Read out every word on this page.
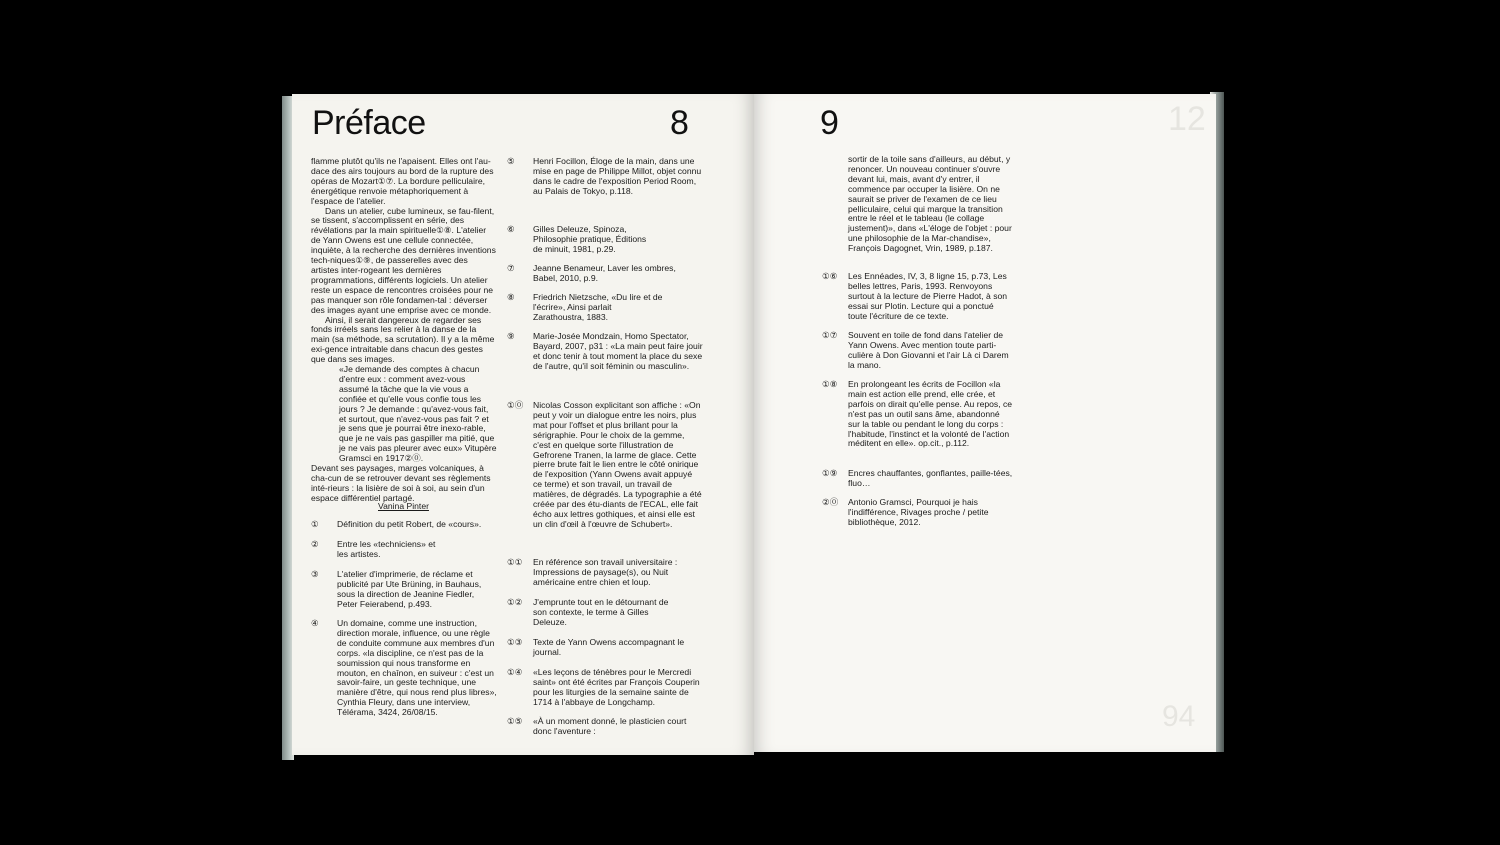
12
94
Préface	8	9

flamme plutôt qu'ils ne l'apaisent. Elles ont l'au-dace des airs toujours au bord de la rupture des opéras de Mozart①⑦. La bordure pelliculaire, énergétique renvoie métaphoriquement à l'espace de l'atelier.

Dans un atelier, cube lumineux, se fau-filent, se tissent, s'accomplissent en série, des révélations par la main spirituelle①⑧. L'atelier de Yann Owens est une cellule connectée, inquiète, à la recherche des dernières inventions tech-niques①⑨, de passerelles avec des artistes inter-rogeant les dernières programmations, différents logiciels. Un atelier reste un espace de rencontres croisées pour ne pas manquer son rôle fondamen-tal : déverser des images ayant une emprise avec ce monde.

Ainsi, il serait dangereux de regarder ses fonds irréels sans les relier à la danse de la main (sa méthode, sa scrutation). Il y a la même exi-gence intraitable dans chacun des gestes que dans ses images.

«Je demande des comptes à chacun d'entre eux : comment avez-vous assumé la tâche que la vie vous a confiée et qu'elle vous confie tous les jours ? Je demande : qu'avez-vous fait, et surtout, que n'avez-vous pas fait ? et je sens que je pourrai être inexo-rable, que je ne vais pas gaspiller ma pitié, que je ne vais pas pleurer avec eux» Vitupère Gramsci en 1917②⓪.

Devant ses paysages, marges volcaniques, à cha-cun de se retrouver devant ses règlements inté-rieurs : la lisière de soi à soi, au sein d'un espace différentiel partagé.

Vanina Pinter
①	Définition du petit Robert, de «cours».
②	Entre les «techniciens» et les artistes.
③	L'atelier d'imprimerie, de réclame et publicité par Ute Brüning, in Bauhaus, sous la direction de Jeanine Fiedler, Peter Feierabend, p.493.
④	Un domaine, comme une instruction, direction morale, influence, ou une règle de conduite commune aux membres d'un corps. «la discipline, ce n'est pas de la soumission qui nous transforme en mouton, en chaînon, en suiveur : c'est un savoir-faire, un geste technique, une manière d'être, qui nous rend plus libres», Cynthia Fleury, dans une interview, Télérama, 3424, 26/08/15.
⑤	Henri Focillon, Éloge de la main, dans une mise en page de Philippe Millot, objet connu dans le cadre de l'exposition Period Room, au Palais de Tokyo, p.118.
⑥	Gilles Deleuze, Spinoza, Philosophie pratique, Éditions de minuit, 1981, p.29.
⑦	Jeanne Benameur, Laver les ombres, Babel, 2010, p.9.
⑧	Friedrich Nietzsche, «Du lire et de l'écrire», Ainsi parlait Zarathoustra, 1883.
⑨	Marie-Josée Mondzain, Homo Spectator, Bayard, 2007, p31 : «La main peut faire jouir et donc tenir à tout moment la place du sexe de l'autre, qu'il soit féminin ou masculin».
①⓪	Nicolas Cosson explicitant son affiche : «On peut y voir un dialogue entre les noirs, plus mat pour l'offset et plus brillant pour la sérigraphie. Pour le choix de la gemme, c'est en quelque sorte l'illustration de Gefrorene Tranen, la larme de glace. Cette pierre brute fait le lien entre le côté onirique de l'exposition (Yann Owens avait appuyé ce terme) et son travail, un travail de matières, de dégradés. La typographie a été créée par des étu-diants de l'ECAL, elle fait écho aux lettres gothiques, et ainsi elle est un clin d'œil à l'œuvre de Schubert».
①①	En référence son travail universitaire : Impressions de paysage(s), ou Nuit américaine entre chien et loup.
①②	J'emprunte tout en le détournant de son contexte, le terme à Gilles Deleuze.
①③	Texte de Yann Owens accompagnant le journal.
①④	«Les leçons de ténèbres pour le Mercredi saint» ont été écrites par François Couperin pour les liturgies de la semaine sainte de 1714 à l'abbaye de Longchamp.
①⑤	«À un moment donné, le plasticien court donc l'aventure :
sortir de la toile sans d'ailleurs, au début, y renoncer. Un nouveau continuer s'ouvre devant lui, mais, avant d'y entrer, il commence par occuper la lisière. On ne saurait se priver de l'examen de ce lieu pelliculaire, celui qui marque la transition entre le réel et le tableau (le collage justement)», dans «L'éloge de l'objet : pour une philosophie de la Mar-chandise», François Dagognet, Vrin, 1989, p.187.
①⑥	Les Ennéades, IV, 3, 8 ligne 15, p.73, Les belles lettres, Paris, 1993. Renvoyons surtout à la lecture de Pierre Hadot, à son essai sur Plotin. Lecture qui a ponctué toute l'écriture de ce texte.
①⑦	Souvent en toile de fond dans l'atelier de Yann Owens. Avec mention toute parti-culière à Don Giovanni et l'air Là ci Darem la mano.
①⑧	En prolongeant les écrits de Focillon «la main est action elle prend, elle crée, et parfois on dirait qu'elle pense. Au repos, ce n'est pas un outil sans âme, abandonné sur la table ou pendant le long du corps : l'habitude, l'instinct et la volonté de l'action méditent en elle». op.cit., p.112.
①⑨	Encres chauffantes, gonflantes, paille-tées, fluo…
②⓪	Antonio Gramsci, Pourquoi je hais l'indifférence, Rivages proche / petite bibliothèque, 2012.
